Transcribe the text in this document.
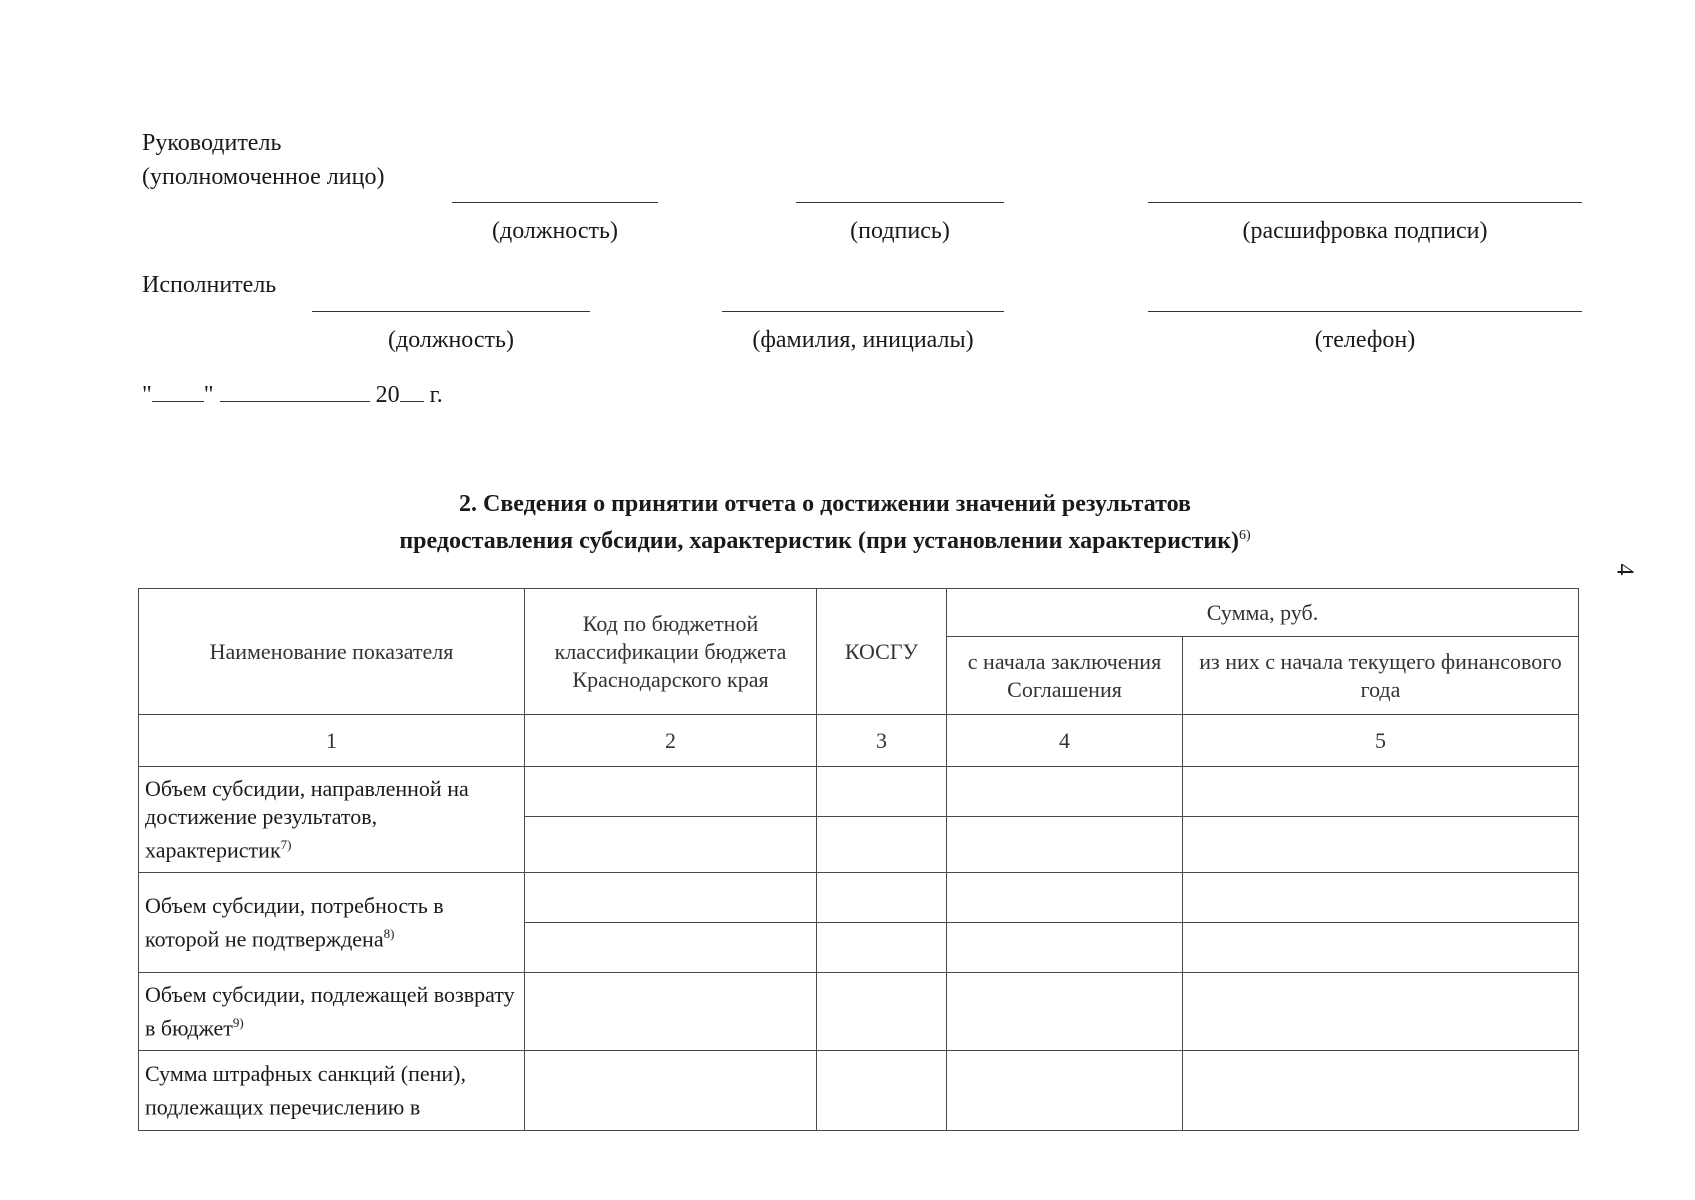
Руководитель
(уполномоченное лицо)
(должность)	(подпись)	(расшифровка подписи)
Исполнитель
(должность)	(фамилия, инициалы)	(телефон)
" "	20 г.
2. Сведения о принятии отчета о достижении значений результатов
предоставления субсидии, характеристик (при установлении характеристик)$^{6)}$
4
Наименование показателя	Код по бюджетной классификации бюджета Краснодарского края	КОСГУ	Сумма, руб.	
			с начала заключения Соглашения	из них с начала текущего финансового года
1	2	3	4	5
Объем субсидии, направленной на достижение результатов, характеристик$^{7)}$				

Объем субсидии, потребность в которой не подтверждена$^{8)}$				

Объем субсидии, подлежащей возврату в бюджет$^{9)}$				
Сумма штрафных санкций (пени), подлежащих перечислению в				
